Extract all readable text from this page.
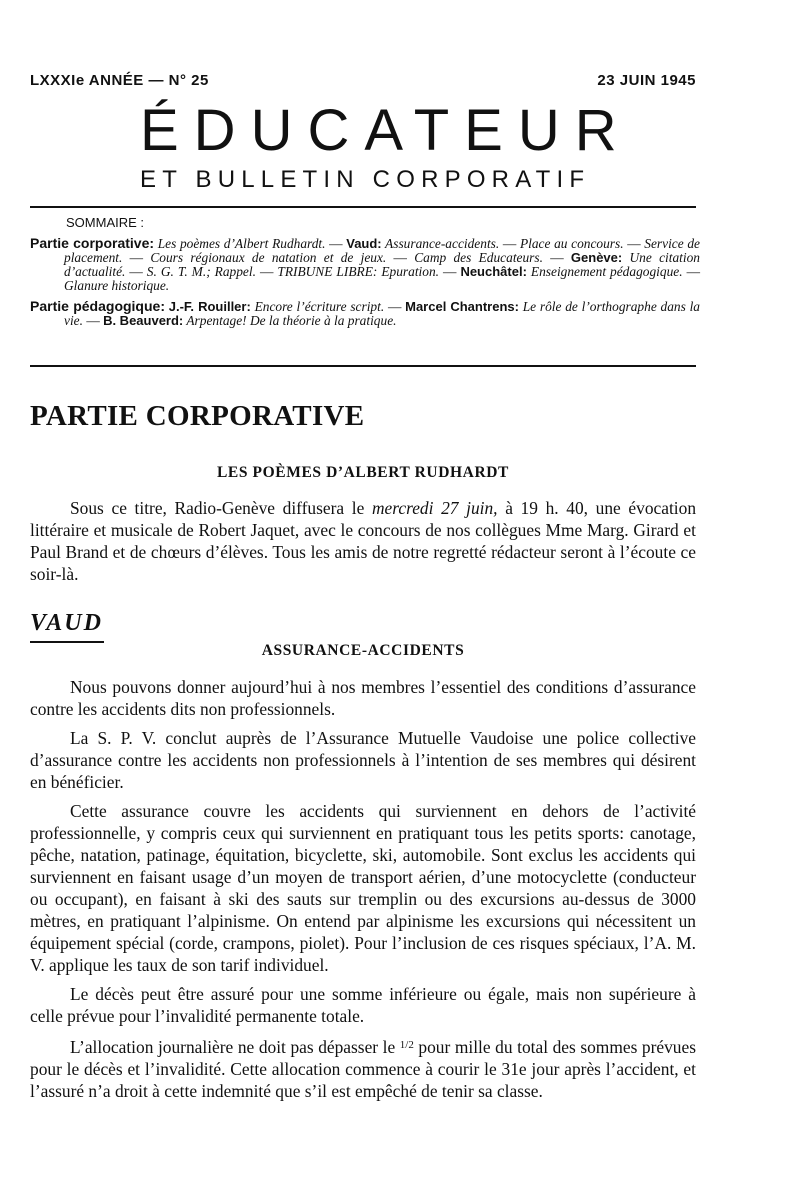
LXXXIe ANNÉE — N° 25	23 JUIN 1945
ÉDUCATEUR
ET BULLETIN CORPORATIF
SOMMAIRE :

Partie corporative: Les poèmes d’Albert Rudhardt. — Vaud: Assurance-accidents. — Place au concours. — Service de placement. — Cours régionaux de natation et de jeux. — Camp des Educateurs. — Genève: Une citation d’actualité. — S. G. T. M.; Rappel. — TRIBUNE LIBRE: Epuration. — Neuchâtel: Enseignement pédagogique. — Glanure historique.

Partie pédagogique: J.-F. Rouiller: Encore l’écriture script. — Marcel Chantrens: Le rôle de l’orthographe dans la vie. — B. Beauverd: Arpentage! De la théorie à la pratique.

PARTIE CORPORATIVE
LES POÈMES D’ALBERT RUDHARDT

Sous ce titre, Radio-Genève diffusera le mercredi 27 juin, à 19 h. 40, une évocation littéraire et musicale de Robert Jaquet, avec le concours de nos collègues Mme Marg. Girard et Paul Brand et de chœurs d’élèves. Tous les amis de notre regretté rédacteur seront à l’écoute ce soir-là.

VAUD
ASSURANCE-ACCIDENTS

Nous pouvons donner aujourd’hui à nos membres l’essentiel des conditions d’assurance contre les accidents dits non professionnels.

La S. P. V. conclut auprès de l’Assurance Mutuelle Vaudoise une police collective d’assurance contre les accidents non professionnels à l’intention de ses membres qui désirent en bénéficier.

Cette assurance couvre les accidents qui surviennent en dehors de l’activité professionnelle, y compris ceux qui surviennent en pratiquant tous les petits sports: canotage, pêche, natation, patinage, équitation, bicyclette, ski, automobile. Sont exclus les accidents qui surviennent en faisant usage d’un moyen de transport aérien, d’une motocyclette (conducteur ou occupant), en faisant à ski des sauts sur tremplin ou des excursions au-dessus de 3000 mètres, en pratiquant l’alpinisme. On entend par alpinisme les excursions qui nécessitent un équipement spécial (corde, crampons, piolet). Pour l’inclusion de ces risques spéciaux, l’A. M. V. applique les taux de son tarif individuel.

Le décès peut être assuré pour une somme inférieure ou égale, mais non supérieure à celle prévue pour l’invalidité permanente totale.

L’allocation journalière ne doit pas dépasser le $^{1/2}$ pour mille du total des sommes prévues pour le décès et l’invalidité. Cette allocation commence à courir le 31e jour après l’accident, et l’assuré n’a droit à cette indemnité que s’il est empêché de tenir sa classe.
